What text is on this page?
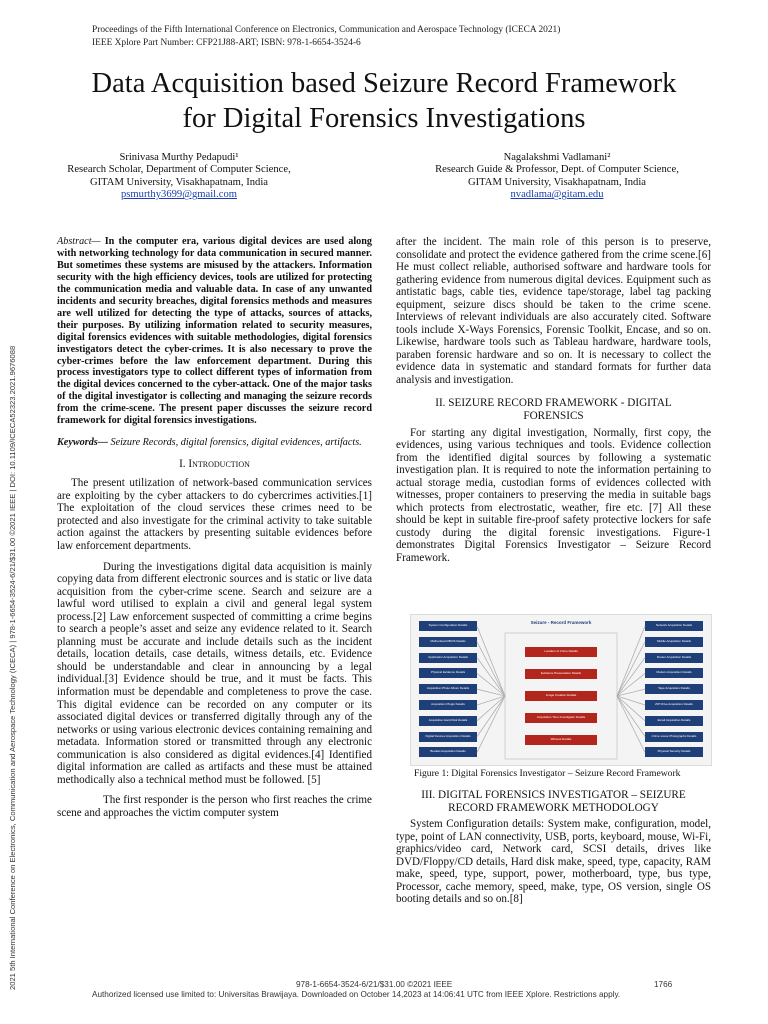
Proceedings of the Fifth International Conference on Electronics, Communication and Aerospace Technology (ICECA 2021)
IEEE Xplore Part Number: CFP21J88-ART; ISBN: 978-1-6654-3524-6
Data Acquisition based Seizure Record Framework
for Digital Forensics Investigations
Srinivasa Murthy Pedapudi¹
Research Scholar, Department of Computer Science,
GITAM University, Visakhapatnam, India
psmurthy3699@gmail.com
Nagalakshmi Vadlamani²
Research Guide & Professor, Dept. of Computer Science,
GITAM University, Visakhapatnam, India
nvadlama@gitam.edu
2021 5th International Conference on Electronics, Communication and Aerospace Technology (ICECA) | 978-1-6654-3524-6/21/$31.00 ©2021 IEEE | DOI: 10.1109/ICECA52323.2021.9676088

Abstract— In the computer era, various digital devices are used along with networking technology for data communication in secured manner. But sometimes these systems are misused by the attackers. Information security with the high efficiency devices, tools are utilized for protecting the communication media and valuable data. In case of any unwanted incidents and security breaches, digital forensics methods and measures are well utilized for detecting the type of attacks, sources of attacks, their purposes. By utilizing information related to security measures, digital forensics evidences with suitable methodologies, digital forensics investigators detect the cyber-crimes. It is also necessary to prove the cyber-crimes before the law enforcement department. During this process investigators type to collect different types of information from the digital devices concerned to the cyber-attack. One of the major tasks of the digital investigator is collecting and managing the seizure records from the crime-scene. The present paper discusses the seizure record framework for digital forensics investigations.

Keywords— Seizure Records, digital forensics, digital evidences, artifacts.

I. Introduction

The present utilization of network-based communication services are exploiting by the cyber attackers to do cybercrimes activities.[1] The exploitation of the cloud services these crimes need to be protected and also investigate for the criminal activity to take suitable action against the attackers by presenting suitable evidences before law enforcement departments.

During the investigations digital data acquisition is mainly copying data from different electronic sources and is static or live data acquisition from the cyber-crime scene. Search and seizure are a lawful word utilised to explain a civil and general legal system process.[2] Law enforcement suspected of committing a crime begins to search a people’s asset and seize any evidence related to it. Search planning must be accurate and include details such as the incident details, location details, case details, witness details, etc. Evidence should be understandable and clear in announcing by a legal individual.[3] Evidence should be true, and it must be facts. This information must be dependable and completeness to prove the case. This digital evidence can be recorded on any computer or its associated digital devices or transferred digitally through any of the networks or using various electronic devices containing remaining and metadata. Information stored or transmitted through any electronic communication is also considered as digital evidences.[4] Identified digital information are called as artifacts and these must be attained methodically also a technical method must be followed. [5]

The first responder is the person who first reaches the crime scene and approaches the victim computer system

after the incident. The main role of this person is to preserve, consolidate and protect the evidence gathered from the crime scene.[6] He must collect reliable, authorised software and hardware tools for gathering evidence from numerous digital devices. Equipment such as antistatic bags, cable ties, evidence tape/storage, label tag packing equipment, seizure discs should be taken to the crime scene. Interviews of relevant individuals are also accurately cited. Software tools include X-Ways Forensics, Forensic Toolkit, Encase, and so on. Likewise, hardware tools such as Tableau hardware, hardware tools, paraben forensic hardware and so on. It is necessary to collect the evidence data in systematic and standard formats for further data analysis and investigation.

II. SEIZURE RECORD FRAMEWORK - DIGITAL
FORENSICS

For starting any digital investigation, Normally, first copy, the evidences, using various techniques and tools. Evidence collection from the identified digital sources by following a systematic investigation plan. It is required to note the information pertaining to actual storage media, custodian forms of evidences collected with witnesses, proper containers to preserving the media in suitable bags which protects from electrostatic, weather, fire etc. [7] All these should be kept in suitable fire-proof safety protective lockers for safe custody during the digital forensic investigations. Figure-1 demonstrates Digital Forensics Investigator – Seizure Record Framework.

Seizure - Record Framework
System Configuration Details
Motherboard BIOS Details
Application Acquisition Details
Physical Evidence Details
Acquisition Photo Album Details
Acquisition Plugin Details
Acquisition Hard Disk Details
Digital Devices Acquisition Details
Booklet Acquisition Details
Location of Crime Details
Evidence Preservation Details
Image Creation Details
Acquisition Time Investigator Details
Witness Details
Network Acquisition Details
Mobile Acquisition Details
Router Acquisition Details
Modem Acquisition Details
Tape Acquisition Details
ZIP Drive Acquisition Details
Email Acquisition Details
Crime scene Photographs Details
Physical Security Details
Figure 1: Digital Forensics Investigator – Seizure Record Framework

III. DIGITAL FORENSICS INVESTIGATOR – SEIZURE
RECORD FRAMEWORK METHODOLOGY

System Configuration details: System make, configuration, model, type, point of LAN connectivity, USB, ports, keyboard, mouse, Wi-Fi, graphics/video card, Network card, SCSI details, drives like DVD/Floppy/CD details, Hard disk make, speed, type, capacity, RAM make, speed, type, support, power, motherboard, type, bus type, Processor, cache memory, speed, make, type, OS version, single OS booting details and so on.[8]

978-1-6654-3524-6/21/$31.00 ©2021 IEEE	1766
Authorized licensed use limited to: Universitas Brawijaya. Downloaded on October 14,2023 at 14:06:41 UTC from IEEE Xplore. Restrictions apply.
